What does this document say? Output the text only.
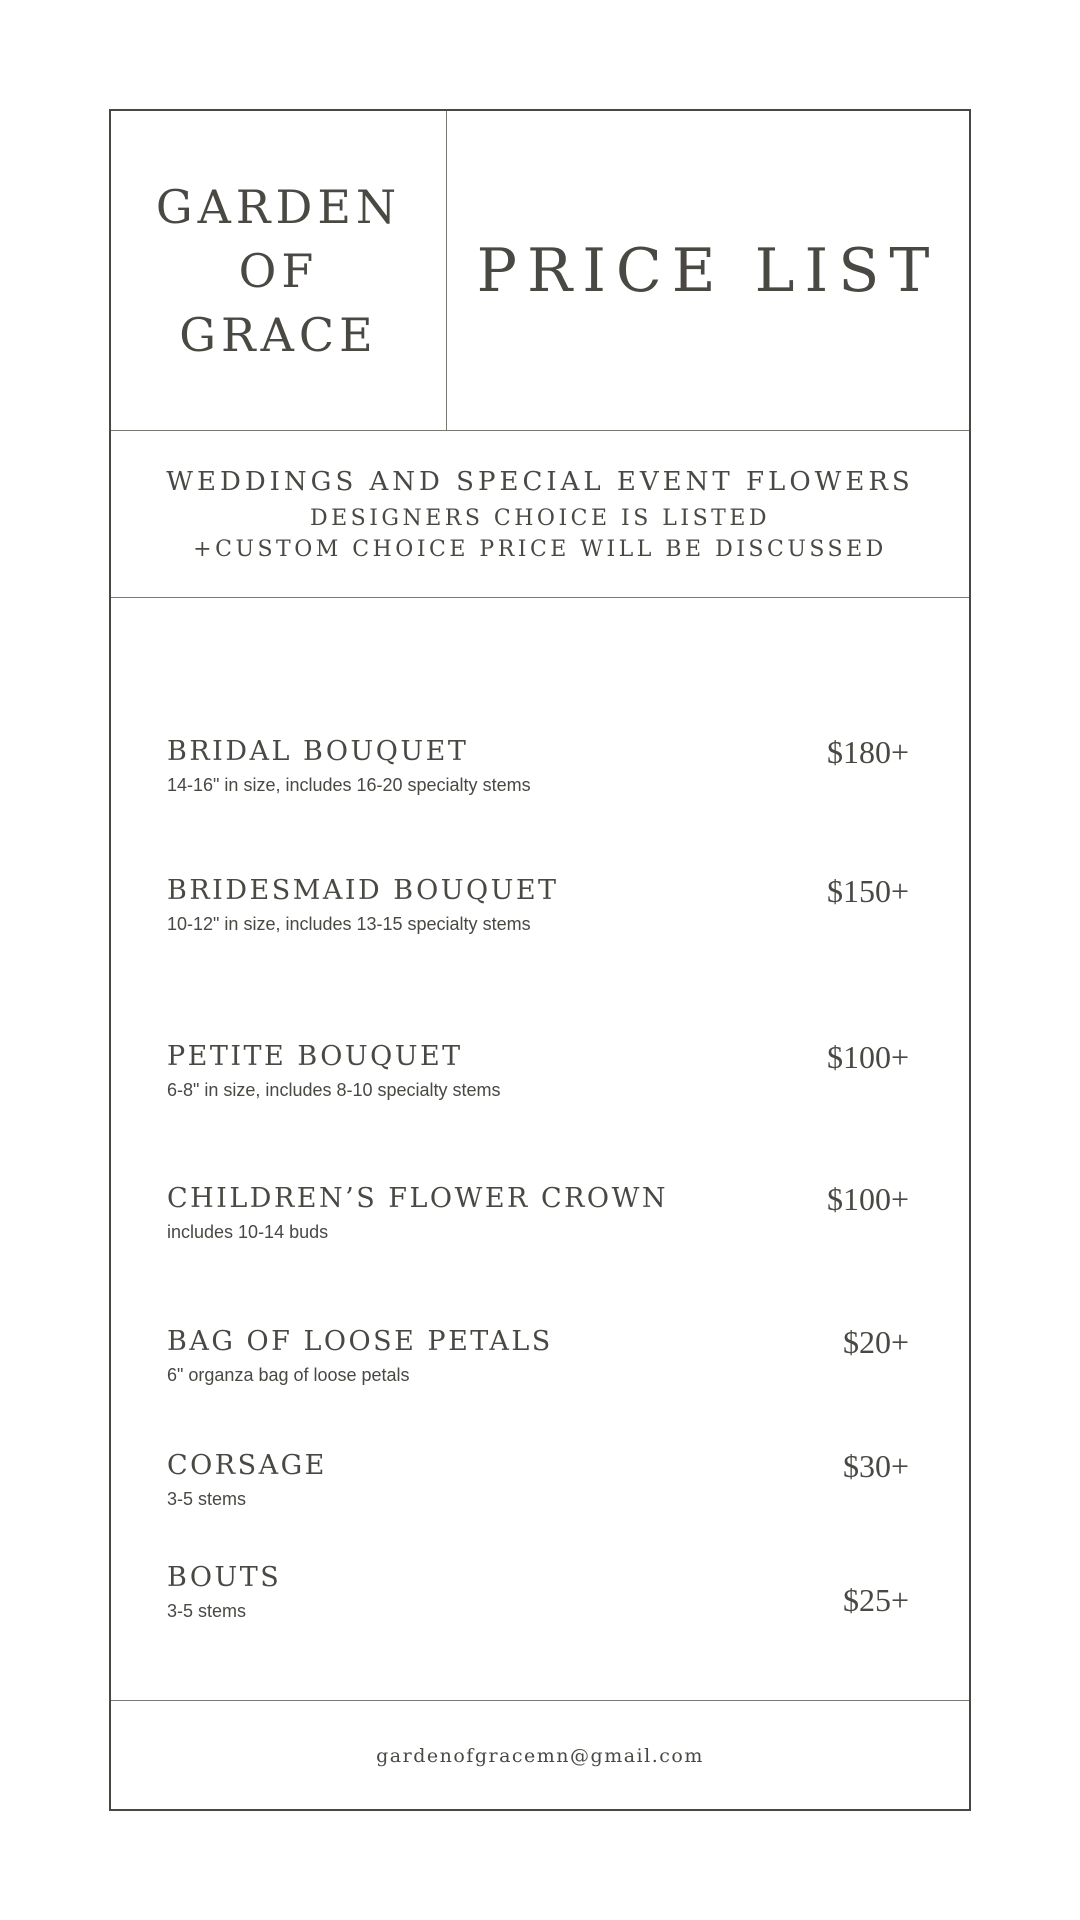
GARDEN
OF
GRACE
PRICE LIST
WEDDINGS AND SPECIAL EVENT FLOWERS
DESIGNERS CHOICE IS LISTED
+CUSTOM CHOICE PRICE WILL BE DISCUSSED
BRIDAL BOUQUET
14-16" in size, includes 16-20 specialty stems
$180+
BRIDESMAID BOUQUET
10-12" in size, includes 13-15 specialty stems
$150+
PETITE BOUQUET
6-8" in size, includes 8-10 specialty stems
$100+
CHILDREN’S FLOWER CROWN
includes 10-14 buds
$100+
BAG OF LOOSE PETALS
6" organza bag of loose petals
$20+
CORSAGE
3-5 stems
$30+
BOUTS
3-5 stems	$25+
gardenofgracemn@gmail.com
